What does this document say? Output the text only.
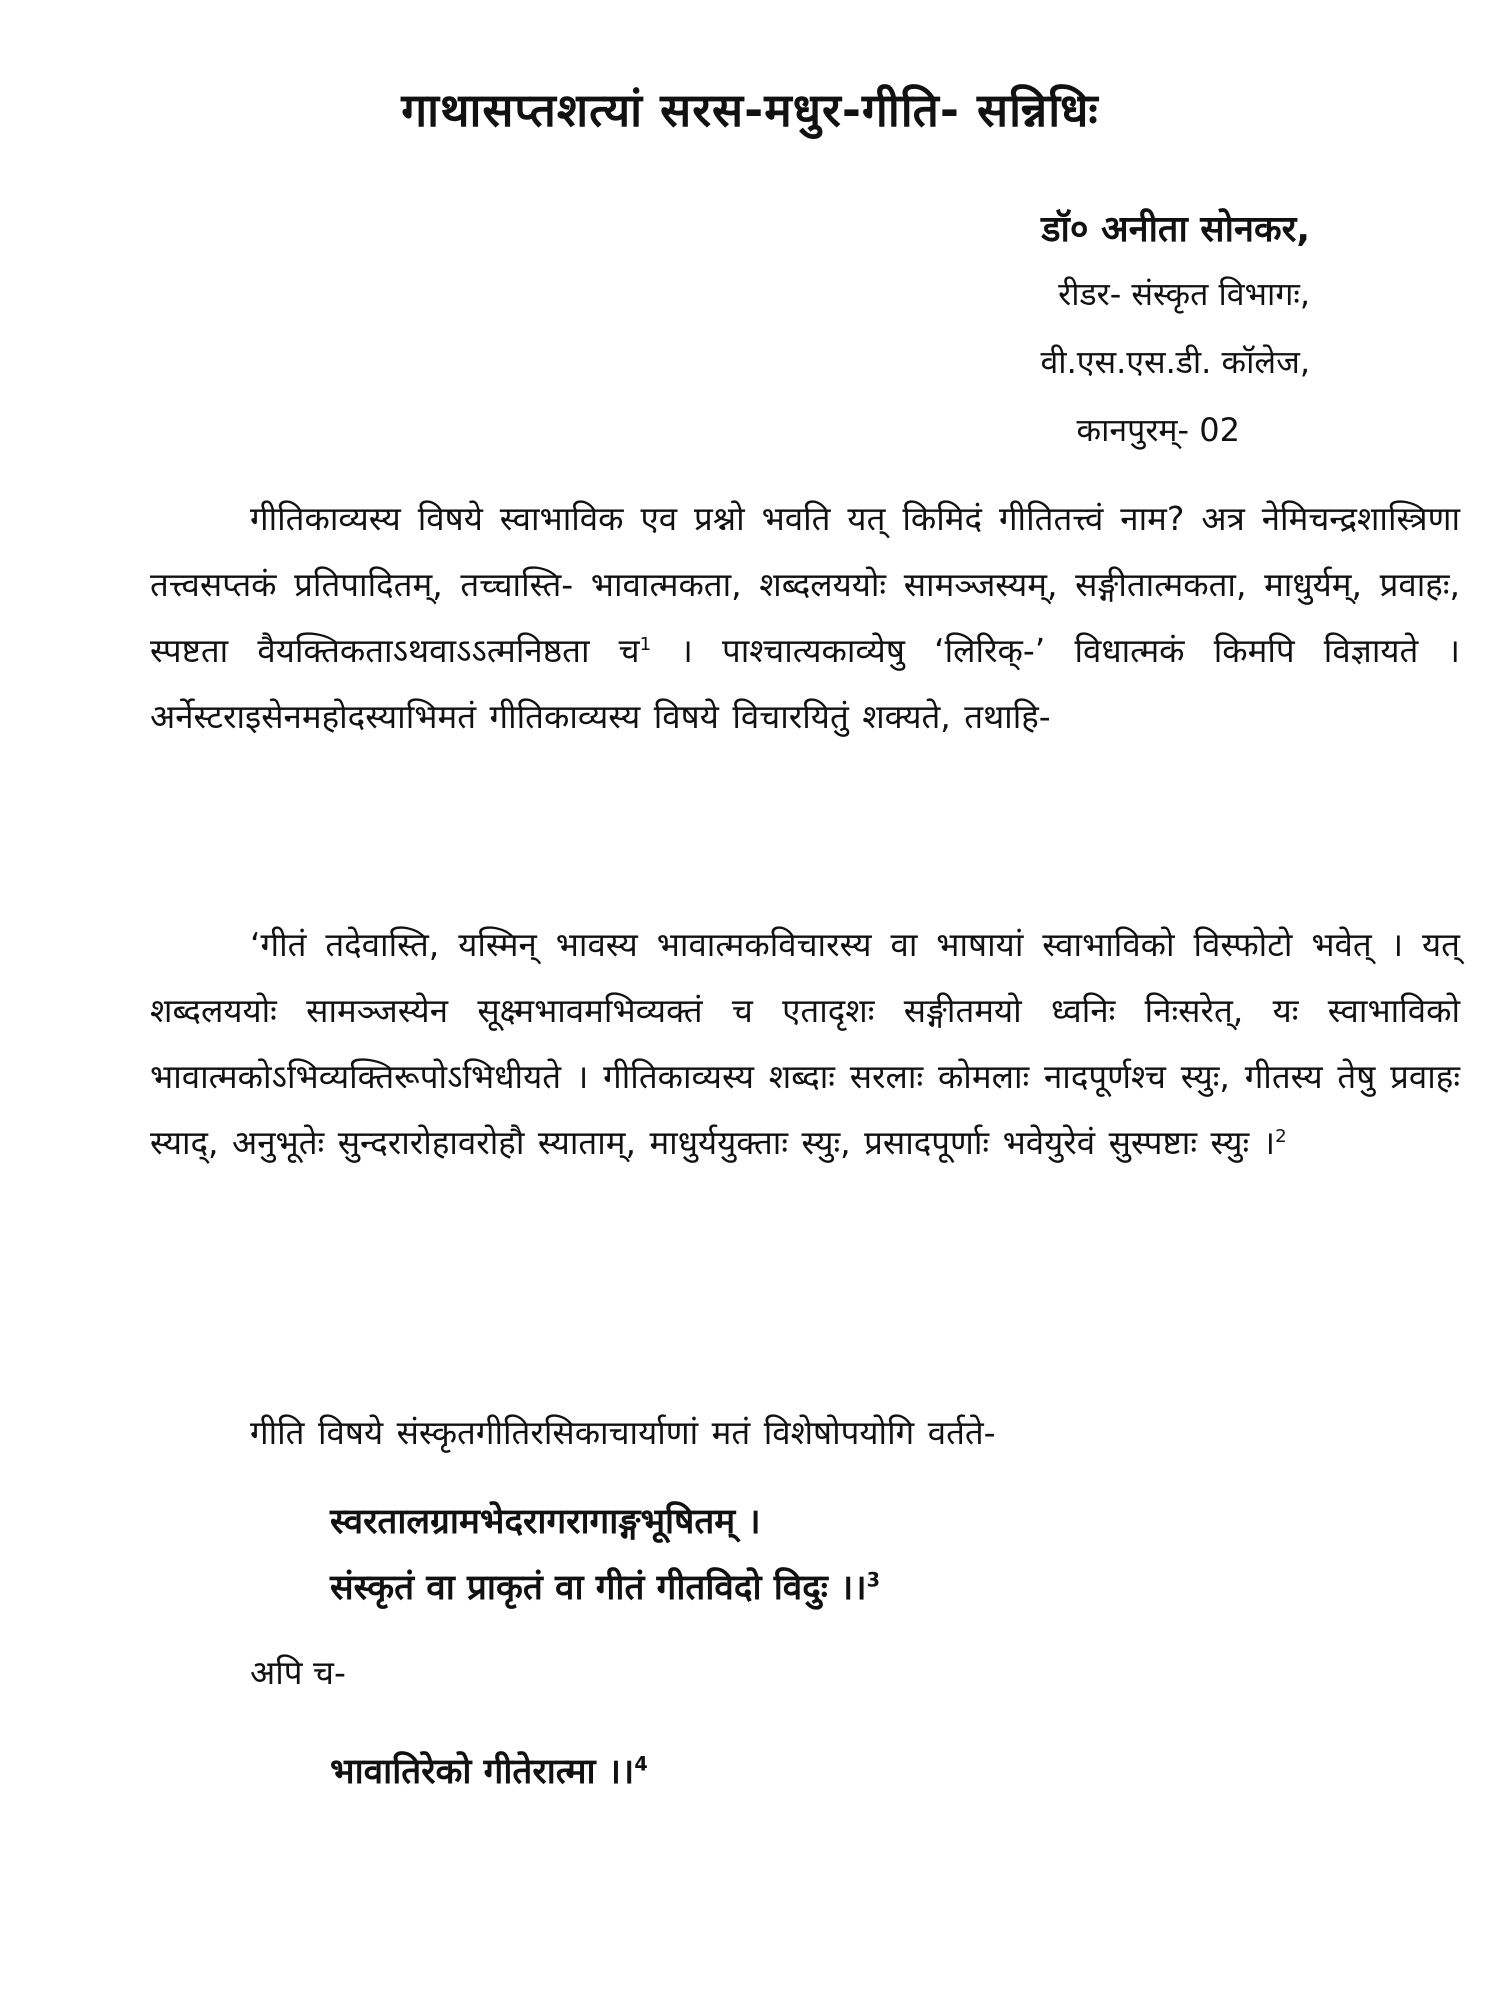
गाथासप्तशत्यां सरस-मधुर-गीति- सन्निधिः
डॉ० अनीता सोनकर,
रीडर- संस्कृत विभागः,
वी.एस.एस.डी. कॉलेज,
कानपुरम्- 02
गीतिकाव्यस्य विषये स्वाभाविक एव प्रश्नो भवति यत् किमिदं गीतितत्त्वं नाम? अत्र नेमिचन्द्रशास्त्रिणा तत्त्वसप्तकं प्रतिपादितम्, तच्चास्ति- भावात्मकता, शब्दलययोः सामञ्जस्यम्, सङ्गीतात्मकता, माधुर्यम्, प्रवाहः, स्पष्टता वैयक्तिकताऽथवाऽऽत्मनिष्ठता च$^1$ । पाश्चात्यकाव्येषु ‘लिरिक्-’ विधात्मकं किमपि विज्ञायते । अर्नेस्टराइसेनमहोदस्याभिमतं गीतिकाव्यस्य विषये विचारयितुं शक्यते, तथाहि-
‘गीतं तदेवास्ति, यस्मिन् भावस्य भावात्मकविचारस्य वा भाषायां स्वाभाविको विस्फोटो भवेत् । यत् शब्दलययोः सामञ्जस्येन सूक्ष्मभावमभिव्यक्तं च एतादृशः सङ्गीतमयो ध्वनिः निःसरेत्, यः स्वाभाविको भावात्मकोऽभिव्यक्तिरूपोऽभिधीयते । गीतिकाव्यस्य शब्दाः सरलाः कोमलाः नादपूर्णश्च स्युः, गीतस्य तेषु प्रवाहः स्याद्, अनुभूतेः सुन्दरारोहावरोहौ स्याताम्, माधुर्ययुक्ताः स्युः, प्रसादपूर्णाः भवेयुरेवं सुस्पष्टाः स्युः ।$^2$
गीति विषये संस्कृतगीतिरसिकाचार्याणां मतं विशेषोपयोगि वर्तते-
स्वरतालग्रामभेदरागरागाङ्गभूषितम् ।
संस्कृतं वा प्राकृतं वा गीतं गीतविदो विदुः ।।$^3$
अपि च-
भावातिरेको गीतेरात्मा ।।$^4$
